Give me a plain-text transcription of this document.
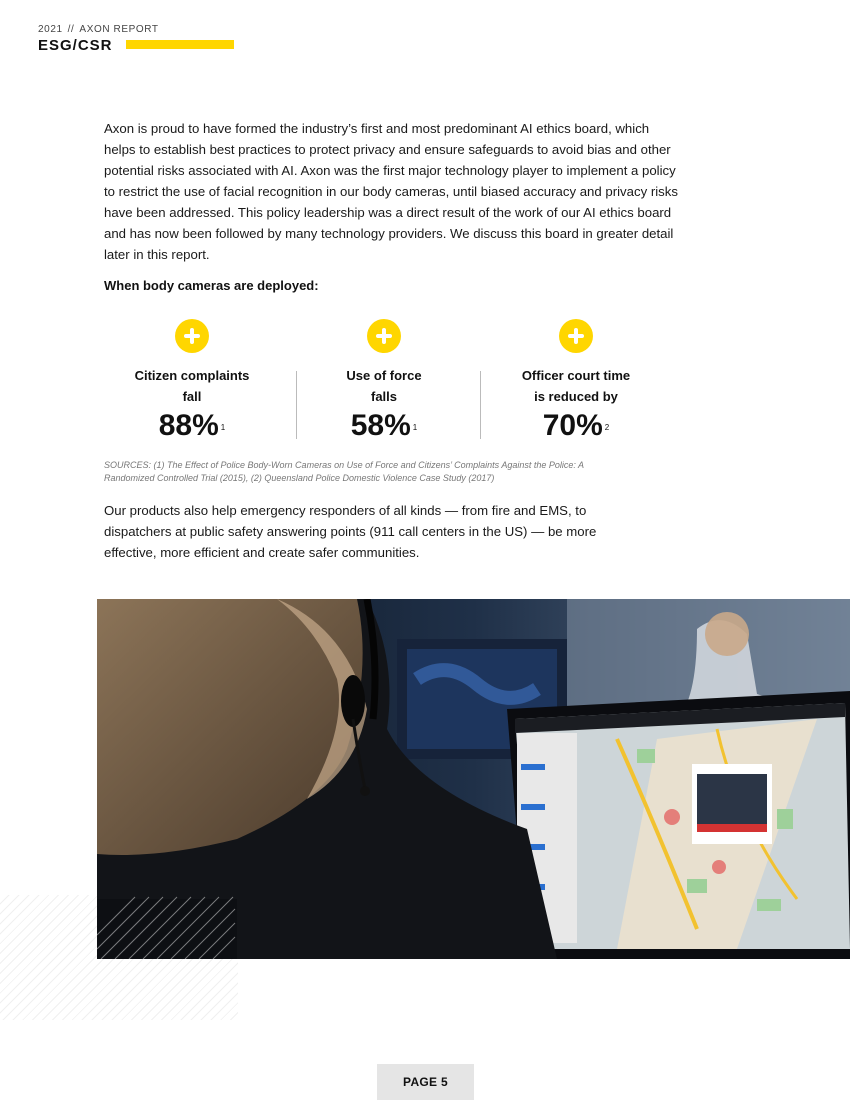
2021 // AXON REPORT
ESG/CSR

Axon is proud to have formed the industry’s first and most predominant AI ethics board, which helps to establish best practices to protect privacy and ensure safeguards to avoid bias and other potential risks associated with AI. Axon was the first major technology player to implement a policy to restrict the use of facial recognition in our body cameras, until biased accuracy and privacy risks have been addressed. This policy leadership was a direct result of the work of our AI ethics board and has now been followed by many technology providers. We discuss this board in greater detail later in this report.

When body cameras are deployed:
Citizen complaints
fall
88% $^1$
Use of force
falls
58% $^1$
Officer court time
is reduced by
70% $^2$

SOURCES: (1) The Effect of Police Body-Worn Cameras on Use of Force and Citizens’ Complaints Against the Police: A Randomized Controlled Trial (2015), (2) Queensland Police Domestic Violence Case Study (2017)

Our products also help emergency responders of all kinds — from fire and EMS, to dispatchers at public safety answering points (911 call centers in the US) — be more effective, more efficient and create safer communities.

PAGE 5
